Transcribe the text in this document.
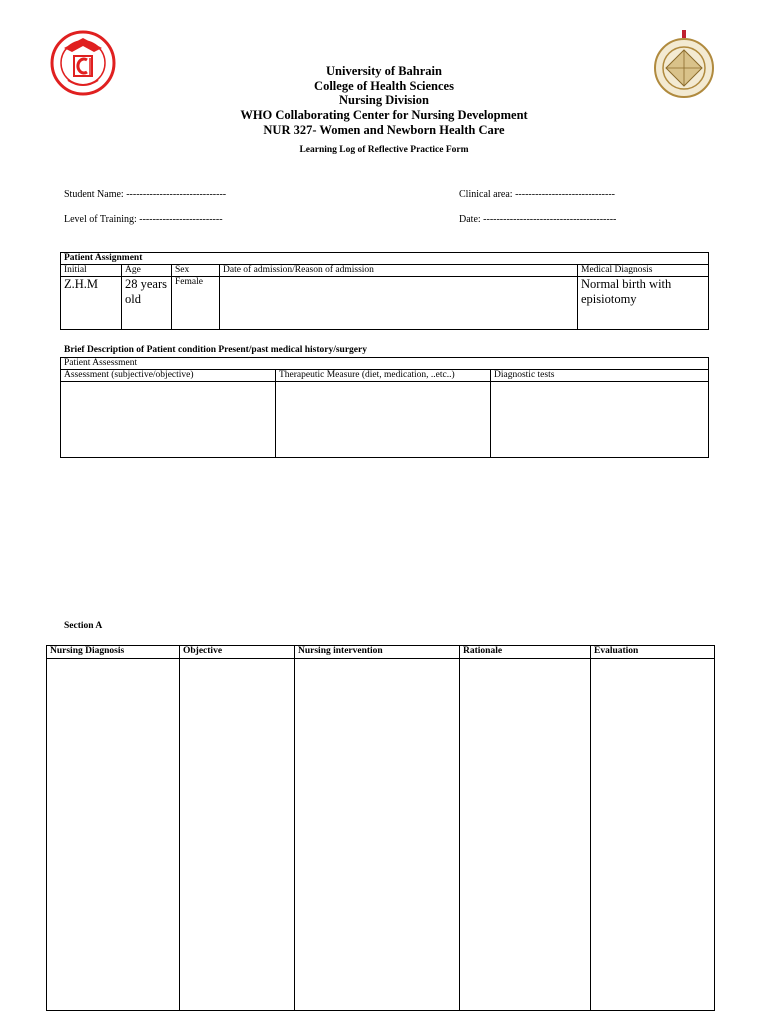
University of Bahrain
College of Health Sciences
Nursing Division
WHO Collaborating Center for Nursing Development
NUR 327- Women and Newborn Health Care
Learning Log of Reflective Practice Form
Student Name: ------------------------------	Clinical area: ------------------------------
Level of Training: -------------------------	Date: ----------------------------------------
Patient Assignment				
Initial	Age	Sex	Date of admission/Reason of admission	Medical Diagnosis
Z.H.M	28 years old	Female		Normal birth with episiotomy
Brief Description of Patient condition Present/past medical history/surgery
Patient Assessment		
Assessment (subjective/objective)	Therapeutic Measure (diet, medication, ..etc..)	Diagnostic tests

Section A
Nursing Diagnosis	Objective	Nursing intervention	Rationale	Evaluation
